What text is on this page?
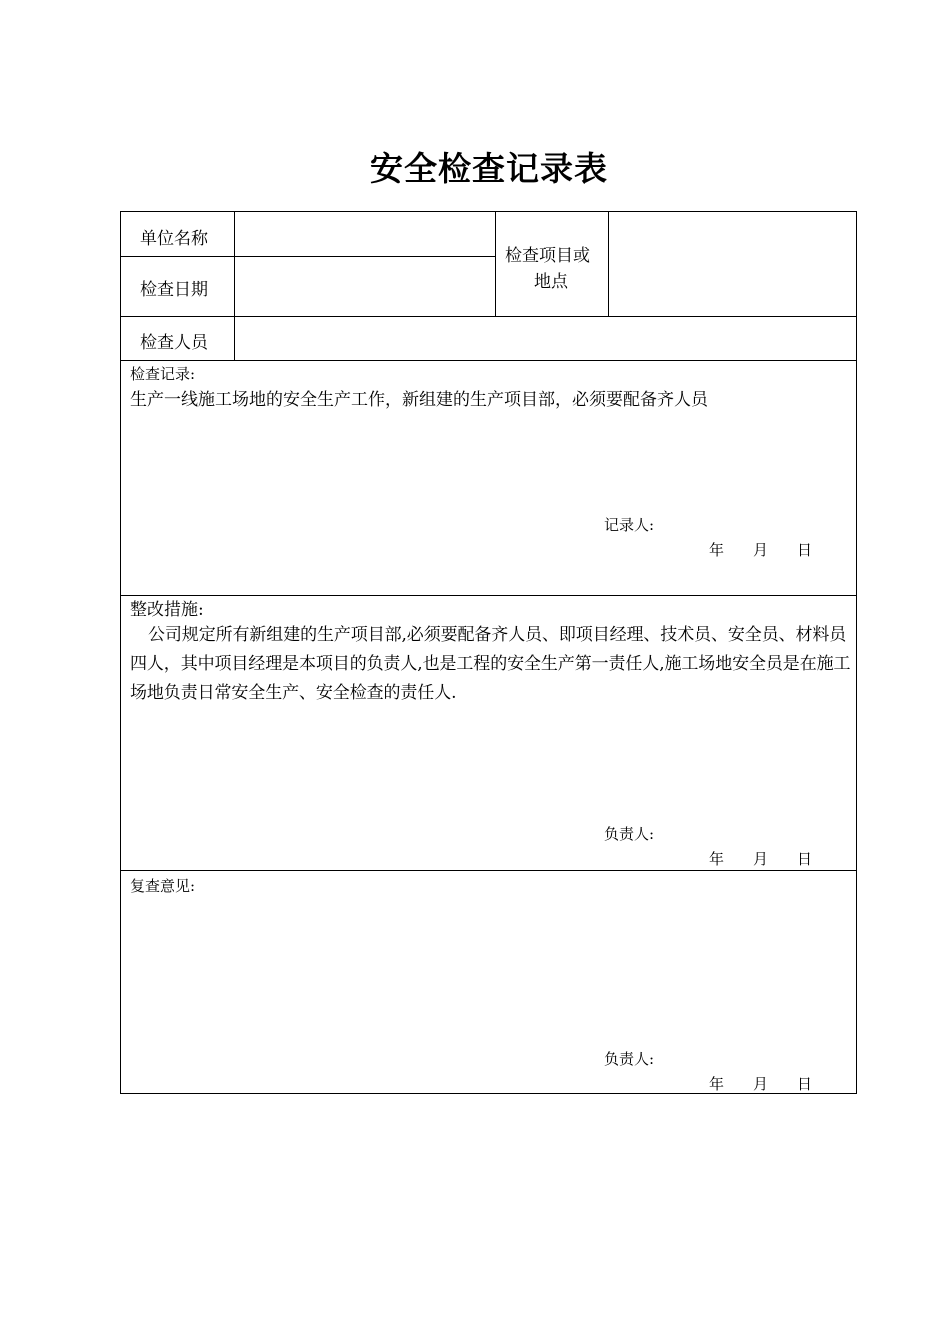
安全检查记录表
单位名称
检查日期
检查项目或
地点
检查人员
检查记录:
生产一线施工场地的安全生产工作，新组建的生产项目部，必须要配备齐人员
记录人:
年 月 日
整改措施:
公司规定所有新组建的生产项目部,必须要配备齐人员、即项目经理、技术员、安全员、材料员四人，其中项目经理是本项目的负责人,也是工程的安全生产第一责任人,施工场地安全员是在施工场地负责日常安全生产、安全检查的责任人.
负责人:
年 月 日
复查意见:
负责人:
年 月 日
